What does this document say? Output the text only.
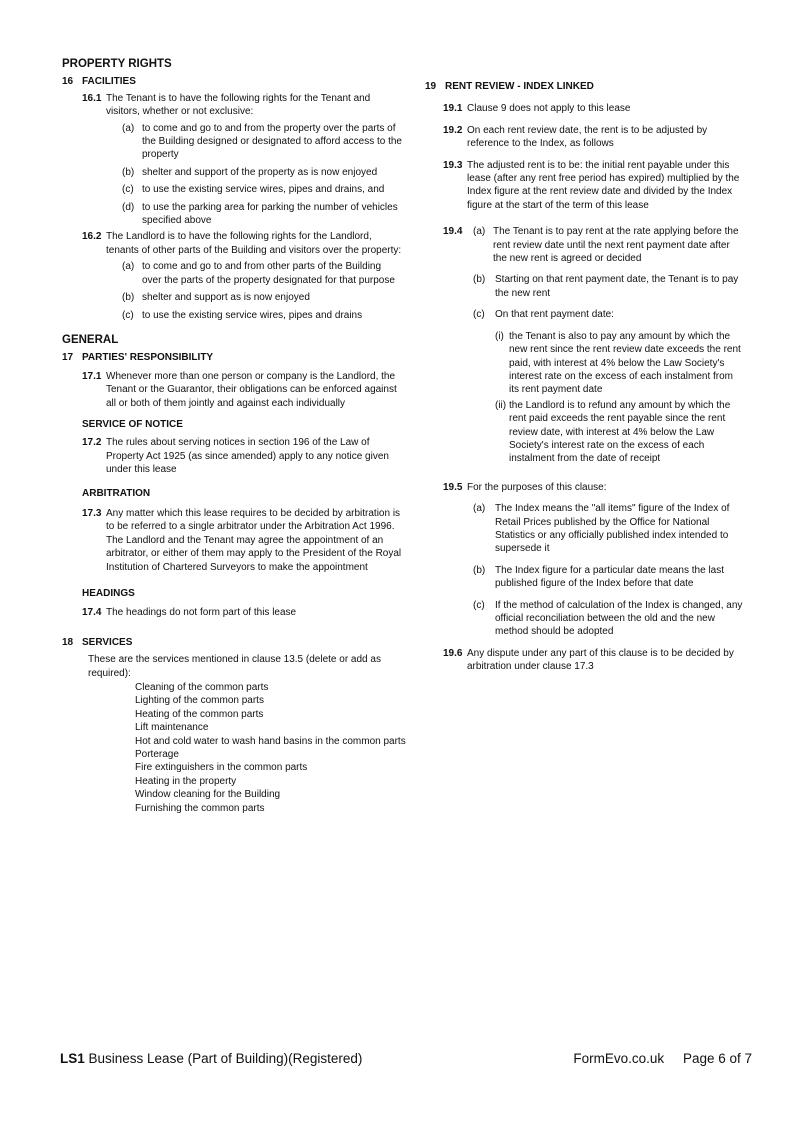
PROPERTY RIGHTS

16 FACILITIES

16.1 The Tenant is to have the following rights for the Tenant and visitors, whether or not exclusive:
(a) to come and go to and from the property over the parts of the Building designed or designated to afford access to the property
(b) shelter and support of the property as is now enjoyed
(c) to use the existing service wires, pipes and drains, and
(d) to use the parking area for parking the number of vehicles specified above
16.2 The Landlord is to have the following rights for the Landlord, tenants of other parts of the Building and visitors over the property:
(a) to come and go to and from other parts of the Building over the parts of the property designated for that purpose
(b) shelter and support as is now enjoyed
(c) to use the existing service wires, pipes and drains

GENERAL

17 PARTIES' RESPONSIBILITY

17.1 Whenever more than one person or company is the Landlord, the Tenant or the Guarantor, their obligations can be enforced against all or both of them jointly and against each individually

SERVICE OF NOTICE

17.2 The rules about serving notices in section 196 of the Law of Property Act 1925 (as since amended) apply to any notice given under this lease

ARBITRATION

17.3 Any matter which this lease requires to be decided by arbitration is to be referred to a single arbitrator under the Arbitration Act 1996. The Landlord and the Tenant may agree the appointment of an arbitrator, or either of them may apply to the President of the Royal Institution of Chartered Surveyors to make the appointment

HEADINGS

17.4 The headings do not form part of this lease

18 SERVICES

These are the services mentioned in clause 13.5 (delete or add as required):
Cleaning of the common parts
Lighting of the common parts
Heating of the common parts
Lift maintenance
Hot and cold water to wash hand basins in the common parts
Porterage
Fire extinguishers in the common parts
Heating in the property
Window cleaning for the Building
Furnishing the common parts

19 RENT REVIEW - INDEX LINKED

19.1 Clause 9 does not apply to this lease
19.2 On each rent review date, the rent is to be adjusted by reference to the Index, as follows
19.3 The adjusted rent is to be: the initial rent payable under this lease (after any rent free period has expired) multiplied by the Index figure at the rent review date and divided by the Index figure at the start of the term of this lease
19.4 (a) The Tenant is to pay rent at the rate applying before the rent review date until the next rent payment date after the new rent is agreed or decided
(b) Starting on that rent payment date, the Tenant is to pay the new rent
(c) On that rent payment date:
(i) the Tenant is also to pay any amount by which the new rent since the rent review date exceeds the rent paid, with interest at 4% below the Law Society's interest rate on the excess of each instalment from its rent payment date
(ii) the Landlord is to refund any amount by which the rent paid exceeds the rent payable since the rent review date, with interest at 4% below the Law Society's interest rate on the excess of each instalment from the date of receipt
19.5 For the purposes of this clause:
(a) The Index means the "all items" figure of the Index of Retail Prices published by the Office for National Statistics or any officially published index intended to supersede it
(b) The Index figure for a particular date means the last published figure of the Index before that date
(c) If the method of calculation of the Index is changed, any official reconciliation between the old and the new method should be adopted
19.6 Any dispute under any part of this clause is to be decided by arbitration under clause 17.3
LS1 Business Lease (Part of Building)(Registered)	FormEvo.co.uk Page 6 of 7
